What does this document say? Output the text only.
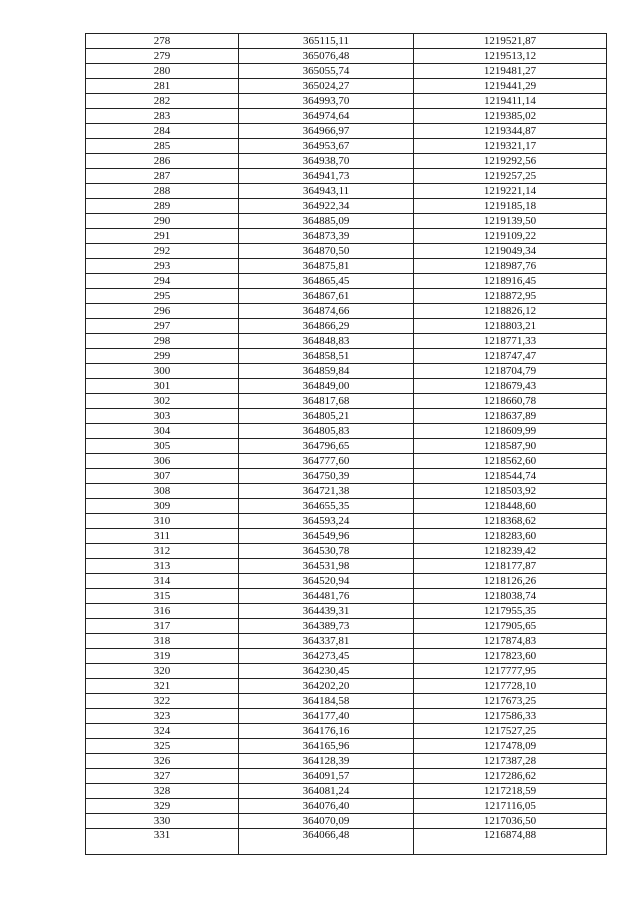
278	365115,11	1219521,87
279	365076,48	1219513,12
280	365055,74	1219481,27
281	365024,27	1219441,29
282	364993,70	1219411,14
283	364974,64	1219385,02
284	364966,97	1219344,87
285	364953,67	1219321,17
286	364938,70	1219292,56
287	364941,73	1219257,25
288	364943,11	1219221,14
289	364922,34	1219185,18
290	364885,09	1219139,50
291	364873,39	1219109,22
292	364870,50	1219049,34
293	364875,81	1218987,76
294	364865,45	1218916,45
295	364867,61	1218872,95
296	364874,66	1218826,12
297	364866,29	1218803,21
298	364848,83	1218771,33
299	364858,51	1218747,47
300	364859,84	1218704,79
301	364849,00	1218679,43
302	364817,68	1218660,78
303	364805,21	1218637,89
304	364805,83	1218609,99
305	364796,65	1218587,90
306	364777,60	1218562,60
307	364750,39	1218544,74
308	364721,38	1218503,92
309	364655,35	1218448,60
310	364593,24	1218368,62
311	364549,96	1218283,60
312	364530,78	1218239,42
313	364531,98	1218177,87
314	364520,94	1218126,26
315	364481,76	1218038,74
316	364439,31	1217955,35
317	364389,73	1217905,65
318	364337,81	1217874,83
319	364273,45	1217823,60
320	364230,45	1217777,95
321	364202,20	1217728,10
322	364184,58	1217673,25
323	364177,40	1217586,33
324	364176,16	1217527,25
325	364165,96	1217478,09
326	364128,39	1217387,28
327	364091,57	1217286,62
328	364081,24	1217218,59
329	364076,40	1217116,05
330	364070,09	1217036,50
331	364066,48	1216874,88
